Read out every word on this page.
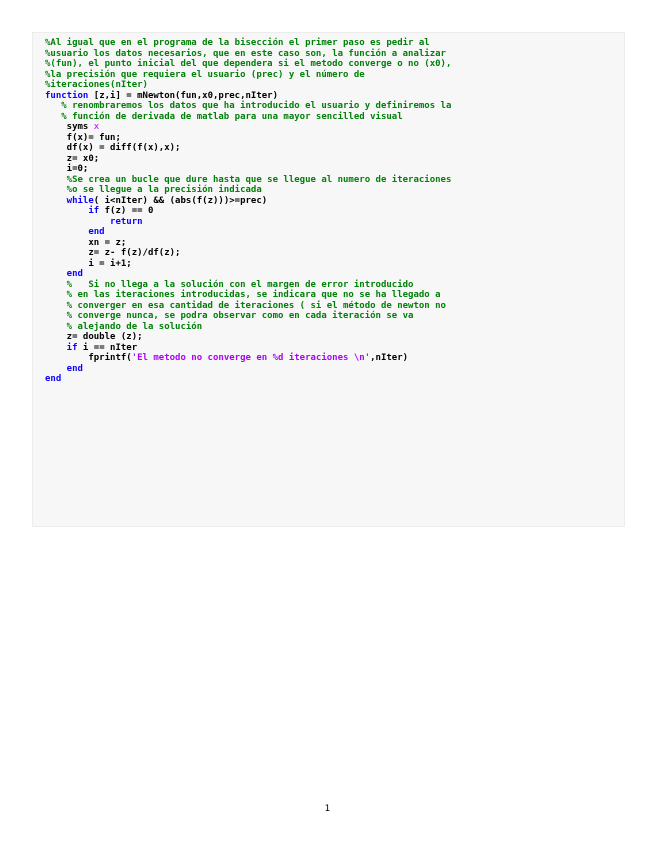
%Al igual que en el programa de la bisección el primer paso es pedir al
%usuario los datos necesarios, que en este caso son, la función a analizar
%(fun), el punto inicial del que dependera si el metodo converge o no (x0),
%la precisión que requiera el usuario (prec) y el número de
%iteraciones(nIter)
function [z,i] = mNewton(fun,x0,prec,nIter)
% renombraremos los datos que ha introducido el usuario y definiremos la
% función de derivada de matlab para una mayor sencilled visual
syms x
f(x)= fun;
df(x) = diff(f(x),x);
z= x0;
i=0;
%Se crea un bucle que dure hasta que se llegue al numero de iteraciones
%o se llegue a la precisión indicada
while( i<nIter) && (abs(f(z)))>=prec)
if f(z) == 0
return
end
xn = z;
z= z- f(z)/df(z);
i = i+1;
end
%   Si no llega a la solución con el margen de error introducido
% en las iteraciones introducidas, se indicara que no se ha llegado a
% converger en esa cantidad de iteraciones ( si el método de newton no
% converge nunca, se podra observar como en cada iteración se va
% alejando de la solución
z= double (z);
if i == nIter
fprintf('El metodo no converge en %d iteraciones \n',nIter)
end
end
1
